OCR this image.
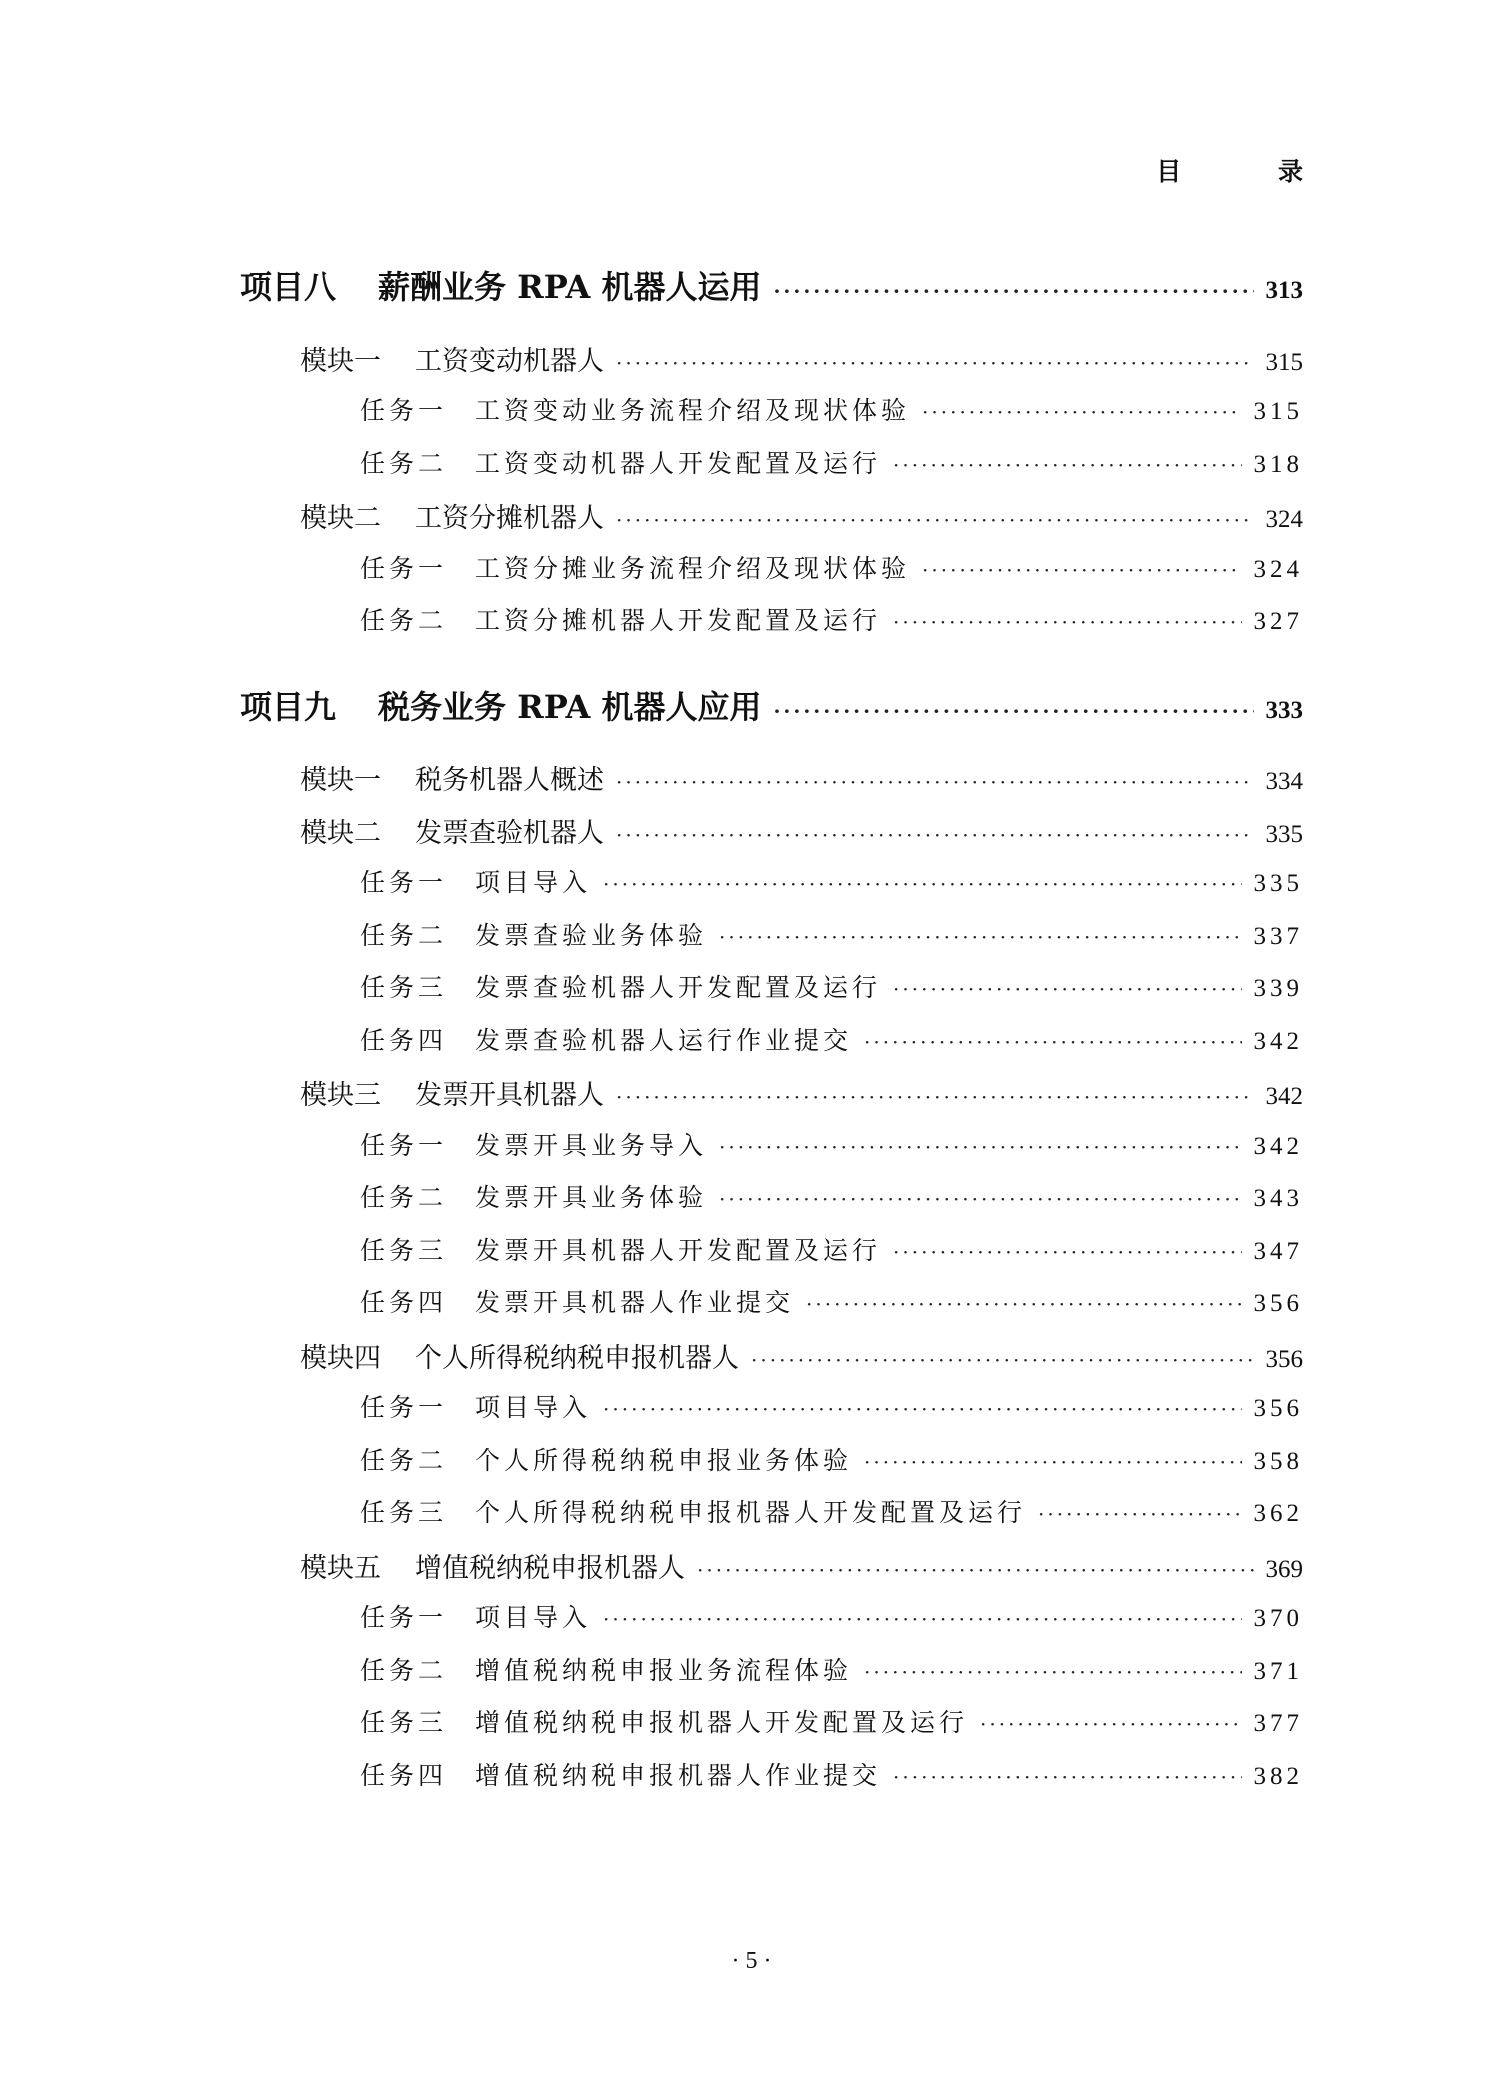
目 录
项目八	薪酬业务 RPA 机器人运用 ·····	313
模块一	工资变动机器人 ·····	315
任务一	工资变动业务流程介绍及现状体验 ·····	315
任务二	工资变动机器人开发配置及运行 ·····	318
模块二	工资分摊机器人 ·····	324
任务一	工资分摊业务流程介绍及现状体验 ·····	324
任务二	工资分摊机器人开发配置及运行 ·····	327
项目九	税务业务 RPA 机器人应用 ·····	333
模块一	税务机器人概述 ·····	334
模块二	发票查验机器人 ·····	335
任务一	项目导入 ·····	335
任务二	发票查验业务体验 ·····	337
任务三	发票查验机器人开发配置及运行 ·····	339
任务四	发票查验机器人运行作业提交 ·····	342
模块三	发票开具机器人 ·····	342
任务一	发票开具业务导入 ·····	342
任务二	发票开具业务体验 ·····	343
任务三	发票开具机器人开发配置及运行 ·····	347
任务四	发票开具机器人作业提交 ·····	356
模块四	个人所得税纳税申报机器人 ·····	356
任务一	项目导入 ·····	356
任务二	个人所得税纳税申报业务体验 ·····	358
任务三	个人所得税纳税申报机器人开发配置及运行 ·····	362
模块五	增值税纳税申报机器人 ·····	369
任务一	项目导入 ·····	370
任务二	增值税纳税申报业务流程体验 ·····	371
任务三	增值税纳税申报机器人开发配置及运行 ·····	377
任务四	增值税纳税申报机器人作业提交 ·····	382
· 5 ·
